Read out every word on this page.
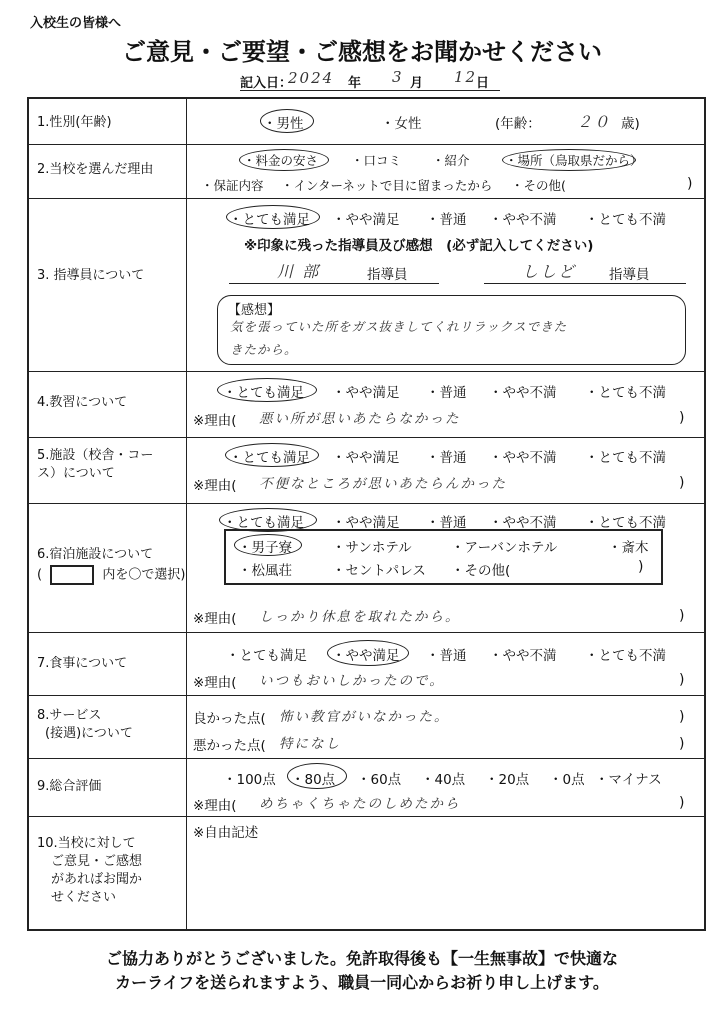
入校生の皆様へ
ご意見・ご要望・ご感想をお聞かせください
記入日：
2024 年 3 月 12
日
1.性別(年齢)	・男性	・女性	(年齢： ２０ 歳)
2.当校を選んだ理由
・料金の安さ	・口コミ ・紹介	・場所（鳥取県だから）
・保証内容 ・インターネットで目に留まったから ・その他(	)
3. 指導員について
・とても満足 ・やや満足 ・普通 ・やや不満 ・とても不満
※印象に残った指導員及び感想　(必ず記入してください)
川 部	指導員	ししど 指導員
【感想】
気を張っていた所をガス抜きしてくれリラックスできた
きたから。
4.教習について
・とても満足 ・やや満足 ・普通 ・やや不満 ・とても不満
※理由( 悪い所が思いあたらなかった	)
5.施設（校舎・コー
ス）について
・とても満足 ・やや満足 ・普通 ・やや不満 ・とても不満
※理由( 不便なところが思いあたらんかった	)
6.宿泊施設について
(	内を〇で選択)
・とても満足 ・やや満足 ・普通 ・やや不満 ・とても不満
・男子寮	・サンホテル	・アーバンホテル	・斎木
・松風荘	・セントパレス ・その他(	)
※理由( しっかり休息を取れたから。	)
7.食事について	・とても満足 ・やや満足 ・普通 ・やや不満 ・とても不満
※理由( いつもおいしかったので。	)
8.サービス
(接遇)について
良かった点( 怖い教官がいなかった。	)
悪かった点( 特になし	)
9.総合評価	・100点 ・80点 ・60点 ・40点 ・20点 ・0点 ・マイナス
※理由( めちゃくちゃたのしめたから	)
10.当校に対して
ご意見・ご感想
があればお聞か
せください
※自由記述
ご協力ありがとうございました。免許取得後も【一生無事故】で快適な
カーライフを送られますよう、職員一同心からお祈り申し上げます。
